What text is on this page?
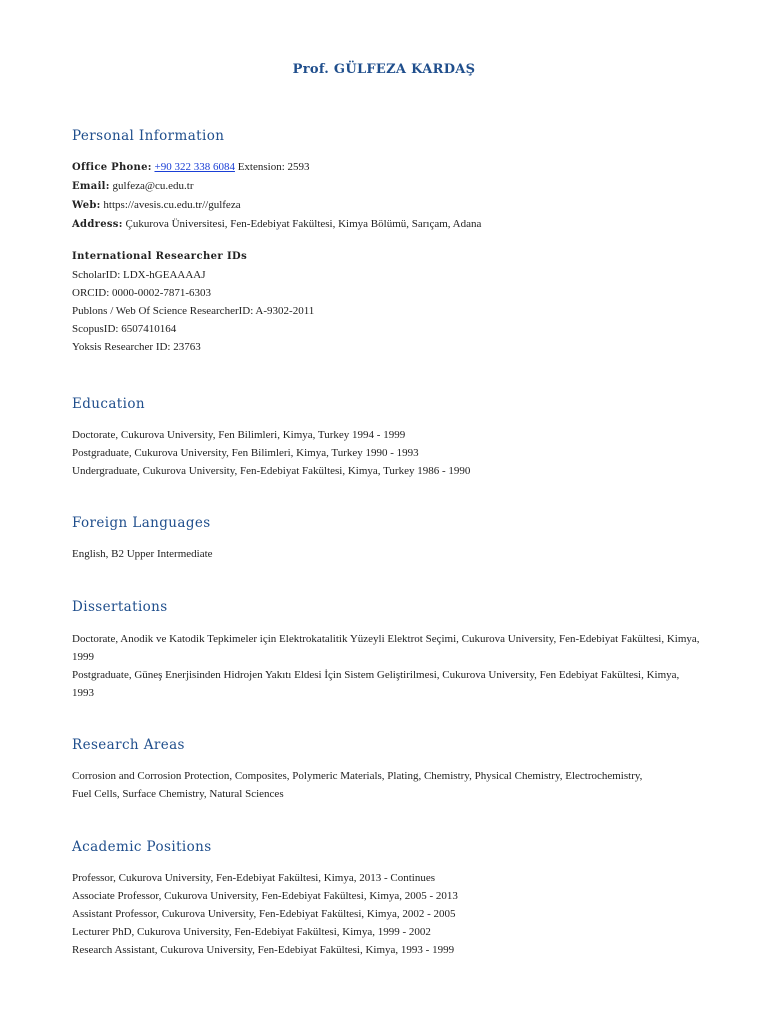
Prof. GÜLFEZA KARDAŞ
Personal Information
Office Phone: +90 322 338 6084 Extension: 2593
Email: gulfeza@cu.edu.tr
Web: https://avesis.cu.edu.tr//gulfeza
Address: Çukurova Üniversitesi, Fen-Edebiyat Fakültesi, Kimya Bölümü, Sarıçam, Adana
International Researcher IDs
ScholarID: LDX-hGEAAAAJ
ORCID: 0000-0002-7871-6303
Publons / Web Of Science ResearcherID: A-9302-2011
ScopusID: 6507410164
Yoksis Researcher ID: 23763
Education
Doctorate, Cukurova University, Fen Bilimleri, Kimya, Turkey 1994 - 1999
Postgraduate, Cukurova University, Fen Bilimleri, Kimya, Turkey 1990 - 1993
Undergraduate, Cukurova University, Fen-Edebiyat Fakültesi, Kimya, Turkey 1986 - 1990
Foreign Languages
English, B2 Upper Intermediate
Dissertations
Doctorate, Anodik ve Katodik Tepkimeler için Elektrokatalitik Yüzeyli Elektrot Seçimi, Cukurova University, Fen-Edebiyat Fakültesi, Kimya, 1999
Postgraduate, Güneş Enerjisinden Hidrojen Yakıtı Eldesi İçin Sistem Geliştirilmesi, Cukurova University, Fen Edebiyat Fakültesi, Kimya, 1993
Research Areas
Corrosion and Corrosion Protection, Composites, Polymeric Materials, Plating, Chemistry, Physical Chemistry, Electrochemistry, Fuel Cells, Surface Chemistry, Natural Sciences
Academic Positions
Professor, Cukurova University, Fen-Edebiyat Fakültesi, Kimya, 2013 - Continues
Associate Professor, Cukurova University, Fen-Edebiyat Fakültesi, Kimya, 2005 - 2013
Assistant Professor, Cukurova University, Fen-Edebiyat Fakültesi, Kimya, 2002 - 2005
Lecturer PhD, Cukurova University, Fen-Edebiyat Fakültesi, Kimya, 1999 - 2002
Research Assistant, Cukurova University, Fen-Edebiyat Fakültesi, Kimya, 1993 - 1999
